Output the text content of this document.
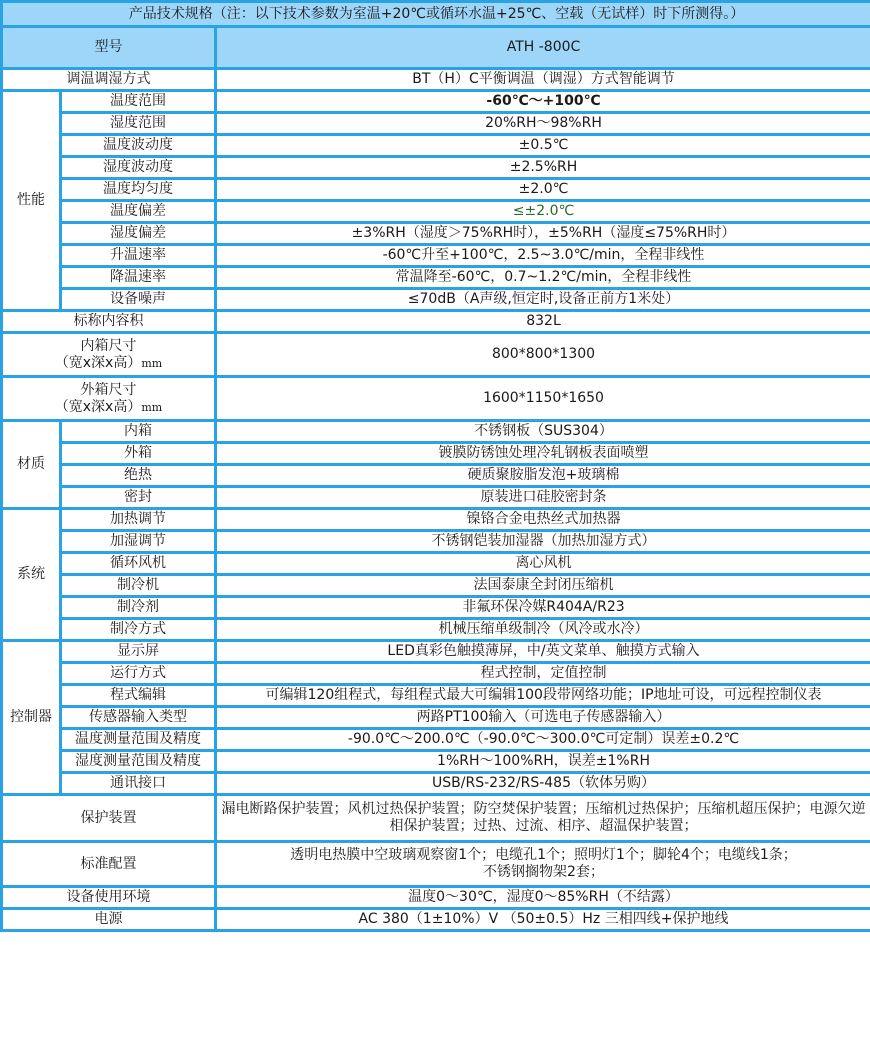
产品技术规格（注：以下技术参数为室温+20℃或循环水温+25℃、空载（无试样）时下所测得。）		
型号		ATH -800C
调温调湿方式		BT（H）C平衡调温（调湿）方式智能调节
性能	温度范围	-60℃～+100℃
	湿度范围	20%RH～98%RH
	温度波动度	±0.5℃
	湿度波动度	±2.5%RH
	温度均匀度	±2.0℃
	温度偏差	≤±2.0℃
	湿度偏差	±3%RH（湿度＞75%RH时），±5%RH（湿度≤75%RH时）
	升温速率	-60℃升至+100℃，2.5~3.0℃/min，全程非线性
	降温速率	常温降至-60℃，0.7~1.2℃/min，全程非线性
	设备噪声	≤70dB（A声级,恒定时,设备正前方1米处）
标称内容积		832L

内箱尺寸
（宽x深x高）mm		800*800*1300

外箱尺寸
（宽x深x高）mm		1600*1150*1650
材质	内箱	不锈钢板（SUS304）
	外箱	镀膜防锈蚀处理冷轧钢板表面喷塑
	绝热	硬质聚胺脂发泡+玻璃棉
	密封	原装进口硅胶密封条
系统	加热调节	镍铬合金电热丝式加热器
	加湿调节	不锈钢铠装加湿器（加热加湿方式）
	循环风机	离心风机
	制冷机	法国泰康全封闭压缩机
	制冷剂	非氟环保冷媒R404A/R23
	制冷方式	机械压缩单级制冷（风冷或水冷）
控制器	显示屏	LED真彩色触摸薄屏，中/英文菜单、触摸方式输入
	运行方式	程式控制，定值控制
	程式编辑	可编辑120组程式，每组程式最大可编辑100段带网络功能；IP地址可设，可远程控制仪表
	传感器输入类型	两路PT100输入（可选电子传感器输入）
	温度测量范围及精度	-90.0℃～200.0℃（-90.0℃～300.0℃可定制）误差±0.2℃
	湿度测量范围及精度	1%RH～100%RH，误差±1%RH
	通讯接口	USB/RS-232/RS-485（软体另购）
保护装置		漏电断路保护装置；风机过热保护装置；防空焚保护装置；压缩机过热保护；压缩机超压保护；电源欠逆相保护装置；过热、过流、相序、超温保护装置；
标准配置		透明电热膜中空玻璃观察窗1个；电缆孔1个；照明灯1个；脚轮4个；电缆线1条；
不锈钢搁物架2套；

设备使用环境		温度0～30℃，湿度0～85%RH（不结露）
电源		AC 380（1±10%）V （50±0.5）Hz 三相四线+保护地线
